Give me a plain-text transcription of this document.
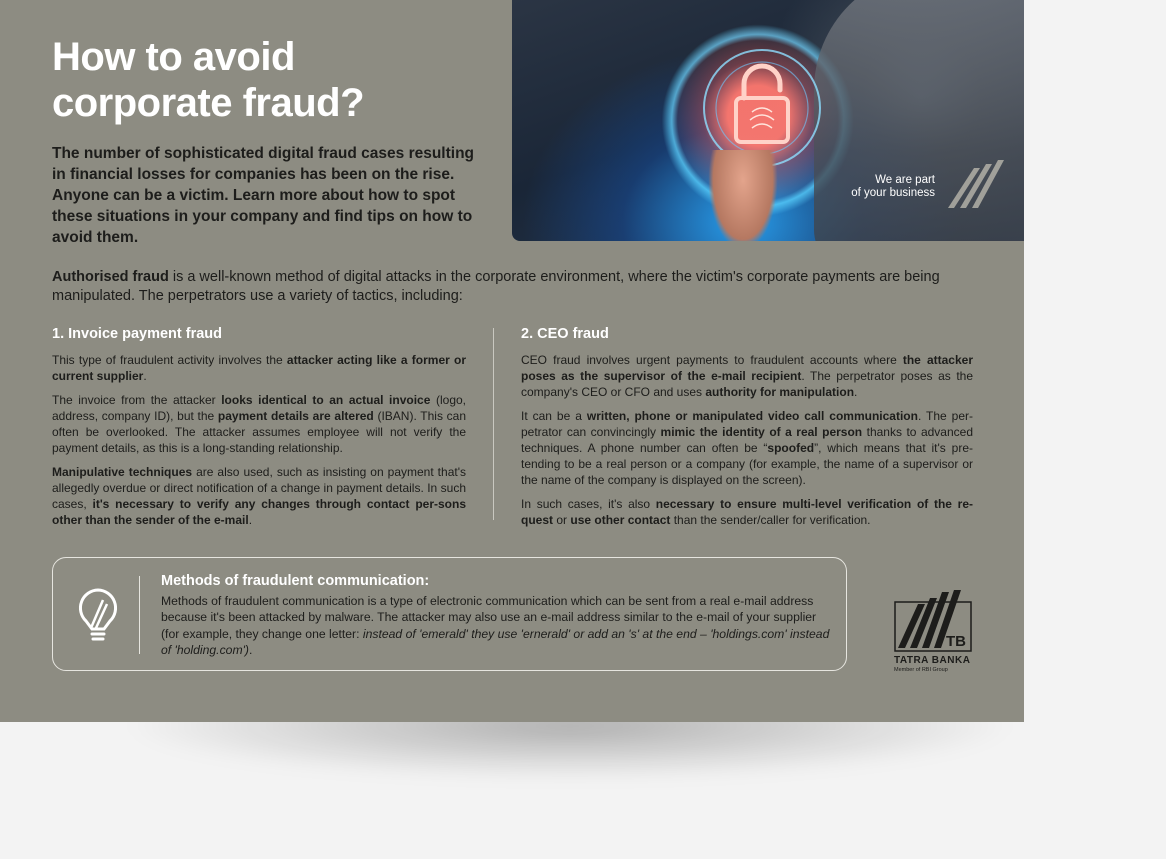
We are part
of your business
How to avoid corporate fraud?

The number of sophisticated digital fraud cases resulting in financial losses for companies has been on the rise. Anyone can be a victim. Learn more about how to spot these situations in your company and find tips on how to avoid them.

Authorised fraud is a well-known method of digital attacks in the corporate environment, where the victim's corporate payments are being manipulated. The perpetrators use a variety of tactics, including:

1. Invoice payment fraud

This type of fraudulent activity involves the attacker acting like a former or current supplier.

The invoice from the attacker looks identical to an actual invoice (logo, address, company ID), but the payment details are altered (IBAN). This can often be overlooked. The attacker assumes employee will not verify the payment details, as this is a long-standing relationship.

Manipulative techniques are also used, such as insisting on payment that's allegedly overdue or direct notification of a change in payment details. In such cases, it's necessary to verify any changes through contact per-sons other than the sender of the e-mail.

2. CEO fraud

CEO fraud involves urgent payments to fraudulent accounts where the attacker poses as the supervisor of the e-mail recipient. The perpetrator poses as the company's CEO or CFO and uses authority for manipulation.

It can be a written, phone or manipulated video call communication. The per-petrator can convincingly mimic the identity of a real person thanks to advanced techniques. A phone number can often be “spoofed”, which means that it's pre-tending to be a real person or a company (for example, the name of a supervisor or the name of the company is displayed on the screen).

In such cases, it's also necessary to ensure multi-level verification of the re-quest or use other contact than the sender/caller for verification.

Methods of fraudulent communication:

Methods of fraudulent communication is a type of electronic communication which can be sent from a real e-mail address because it's been attacked by malware. The attacker may also use an e-mail address similar to the e-mail of your supplier (for example, they change one letter: instead of 'emerald' they use 'ernerald' or add an 's' at the end – 'holdings.com' instead of 'holding.com').	TB
TATRA BANKA
Member of RBI Group
